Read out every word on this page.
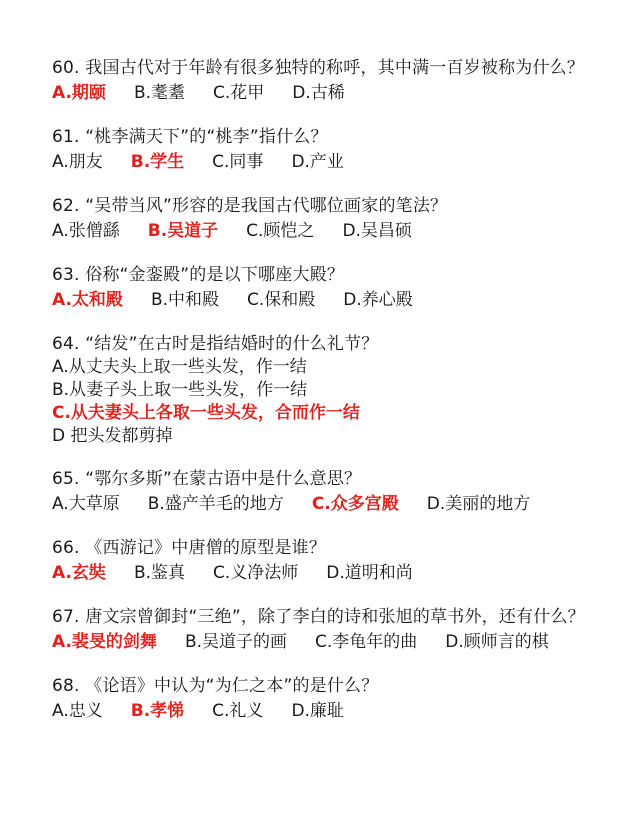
60. 我国古代对于年龄有很多独特的称呼，其中满一百岁被称为什么？
A.期颐 B.耄耋 C.花甲 D.古稀
61. “桃李满天下”的“桃李”指什么？
A.朋友 B.学生 C.同事 D.产业
62. “吴带当风”形容的是我国古代哪位画家的笔法？
A.张僧繇 B.吴道子 C.顾恺之 D.吴昌硕
63. 俗称“金銮殿”的是以下哪座大殿？
A.太和殿 B.中和殿 C.保和殿 D.养心殿
64. “结发”在古时是指结婚时的什么礼节？
A.从丈夫头上取一些头发，作一结
B.从妻子头上取一些头发，作一结
C.从夫妻头上各取一些头发，合而作一结
D 把头发都剪掉
65. “鄂尔多斯”在蒙古语中是什么意思？
A.大草原 B.盛产羊毛的地方 C.众多宫殿 D.美丽的地方
66. 《西游记》中唐僧的原型是谁？
A.玄奘 B.鉴真 C.义净法师 D.道明和尚
67. 唐文宗曾御封“三绝”，除了李白的诗和张旭的草书外，还有什么？
A.裴旻的剑舞 B.吴道子的画 C.李龟年的曲 D.顾师言的棋
68. 《论语》中认为“为仁之本”的是什么？
A.忠义 B.孝悌 C.礼义 D.廉耻
